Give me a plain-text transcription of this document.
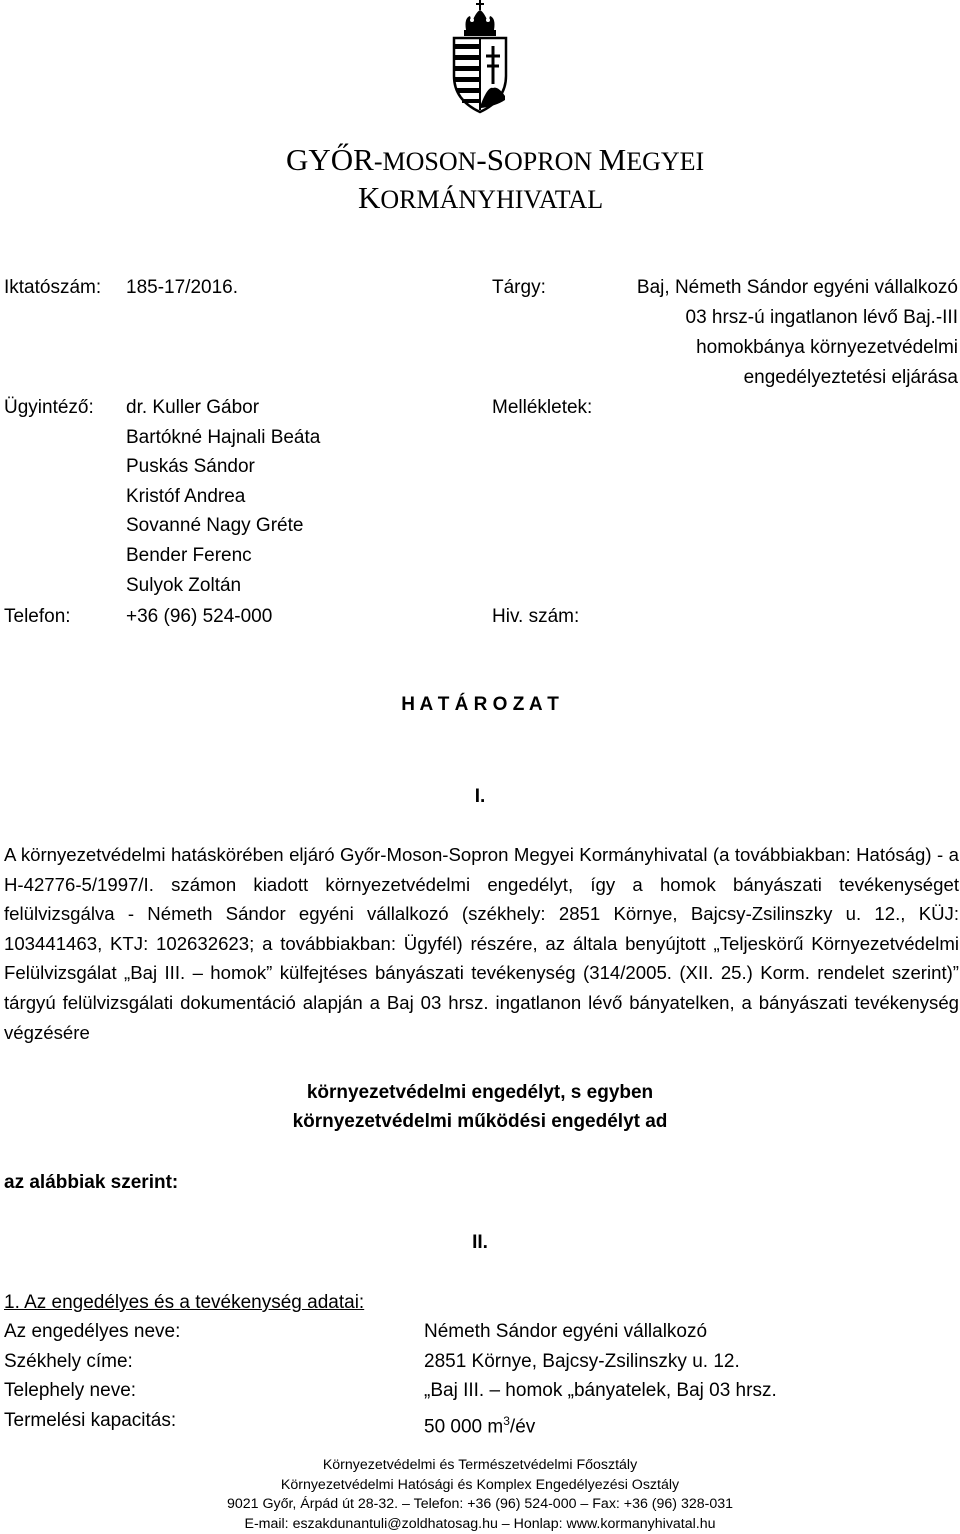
GYŐR-MOSON-SOPRON MEGYEI
KORMÁNYHIVATAL
Iktatószám: 185-17/2016.	Tárgy:	Baj, Németh Sándor egyéni vállalkozó
03 hrsz-ú ingatlanon lévő Baj.-III
homokbánya környezetvédelmi
engedélyeztetési eljárása
Ügyintéző: dr. Kuller Gábor
Bartókné Hajnali Beáta
Puskás Sándor
Kristóf Andrea
Sovanné Nagy Gréte
Bender Ferenc
Sulyok Zoltán
Mellékletek:
Telefon:	+36 (96) 524-000	Hiv. szám:
H A T Á R O Z A T
I.
A környezetvédelmi hatáskörében eljáró Győr-Moson-Sopron Megyei Kormányhivatal (a továbbiakban: Hatóság) - a H-42776-5/1997/I. számon kiadott környezetvédelmi engedélyt, így a homok bányászati tevékenységet felülvizsgálva - Németh Sándor egyéni vállalkozó (székhely: 2851 Környe, Bajcsy-Zsilinszky u. 12., KÜJ: 103441463, KTJ: 102632623; a továbbiakban: Ügyfél) részére, az általa benyújtott „Teljeskörű Környezetvédelmi Felülvizsgálat „Baj III. – homok” külfejtéses bányászati tevékenység (314/2005. (XII. 25.) Korm. rendelet szerint)” tárgyú felülvizsgálati dokumentáció alapján a Baj 03 hrsz. ingatlanon lévő bányatelken, a bányászati tevékenység végzésére
környezetvédelmi engedélyt, s egyben
környezetvédelmi működési engedélyt ad
az alábbiak szerint:
II.
1. Az engedélyes és a tevékenység adatai:
Az engedélyes neve:	Németh Sándor egyéni vállalkozó
Székhely címe:	2851 Környe, Bajcsy-Zsilinszky u. 12.
Telephely neve:	„Baj III. – homok „bányatelek, Baj 03 hrsz.
Termelési kapacitás:	50 000 $m^3/év$
Környezetvédelmi és Természetvédelmi Főosztály
Környezetvédelmi Hatósági és Komplex Engedélyezési Osztály
9021 Győr, Árpád út 28-32. – Telefon: +36 (96) 524-000 – Fax: +36 (96) 328-031
E-mail: eszakdunantuli@zoldhatosag.hu – Honlap: www.kormanyhivatal.hu
